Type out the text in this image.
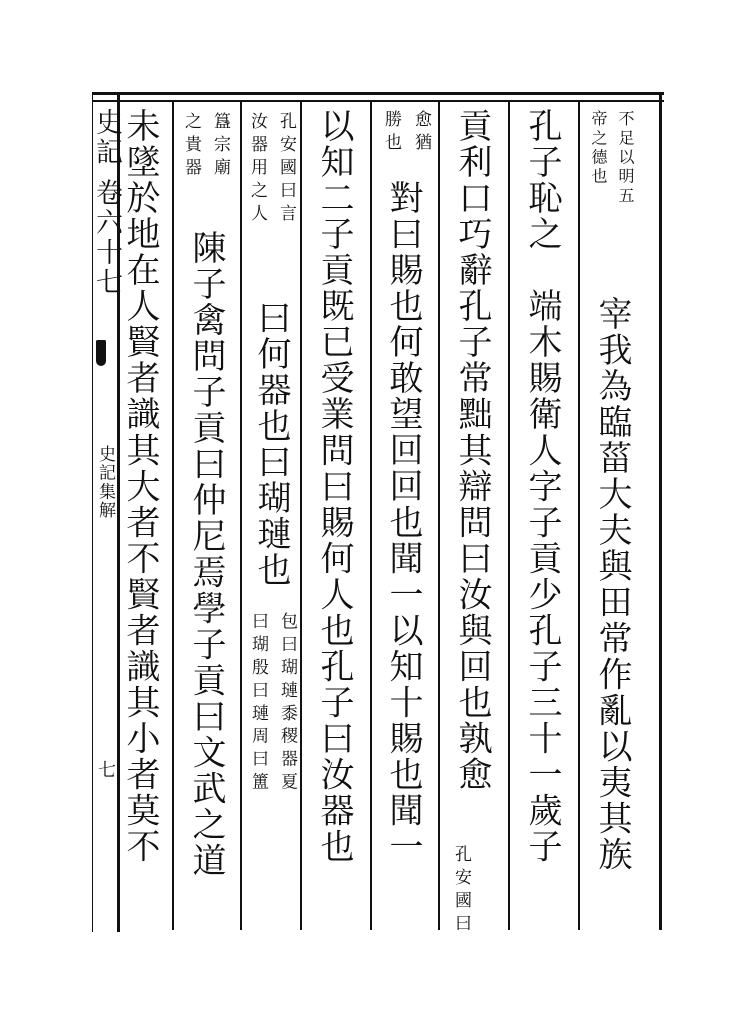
史記 卷六十七
史記集解
七
不足以明五
帝之德也
宰我為臨菑大夫與田常作亂以夷其族
孔子恥之　端木賜衛人字子貢少孔子三十一歲子
貢利口巧辭孔子常黜其辯問曰汝與回也孰愈
孔安國曰
愈猶
勝也
對曰賜也何敢望回回也聞一以知十賜也聞一
以知二子貢既已受業問曰賜何人也孔子曰汝器也
孔安國曰言
汝器用之人
曰何器也曰瑚璉也
包曰瑚璉黍稷器夏
曰瑚殷曰璉周曰簠
簋宗廟
之貴器
陳子禽問子貢曰仲尼焉學子貢曰文武之道
未墜於地在人賢者識其大者不賢者識其小者莫不
